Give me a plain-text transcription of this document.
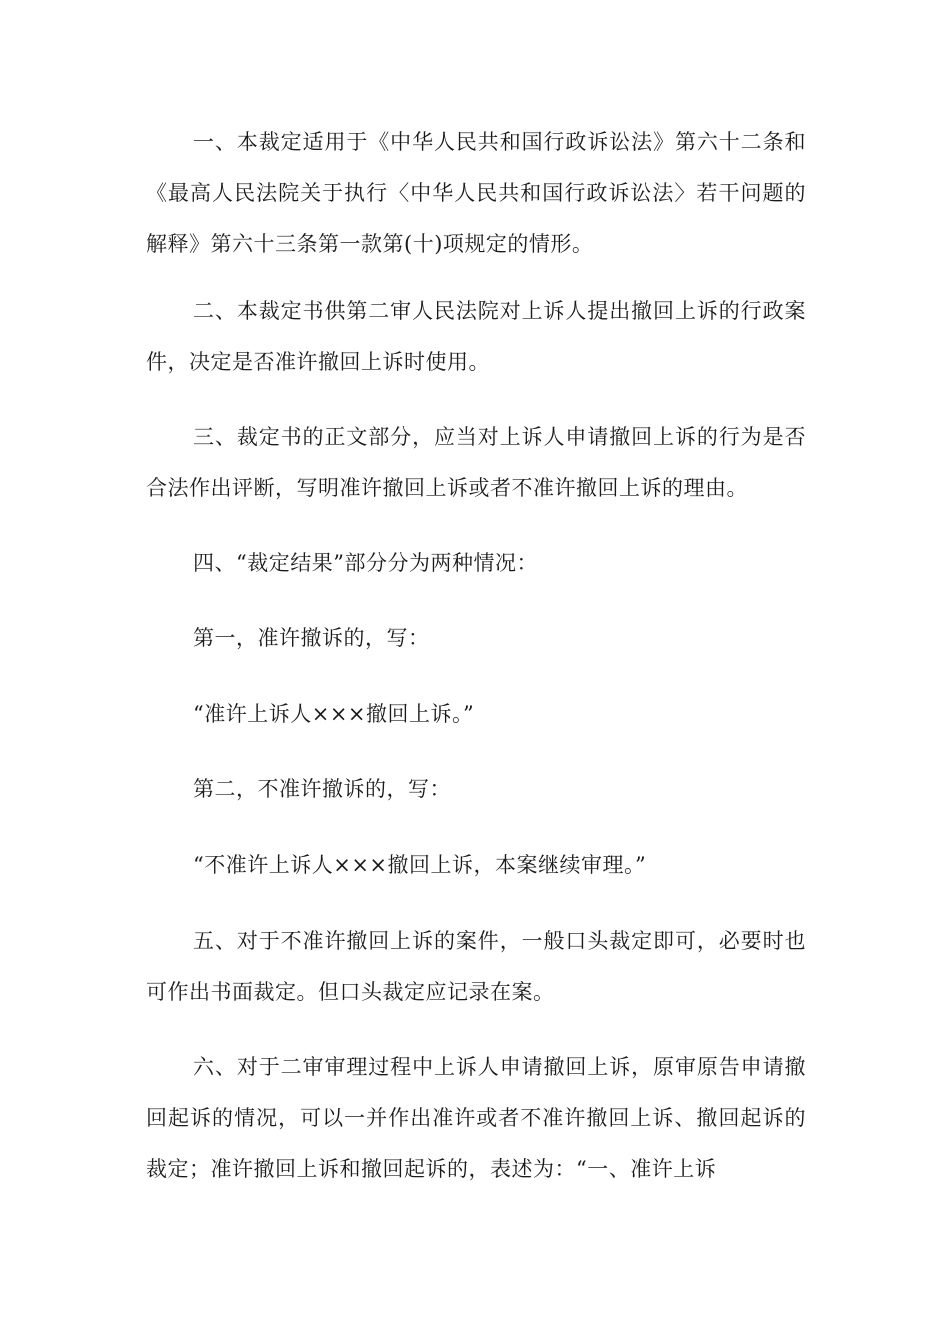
一、本裁定适用于《中华人民共和国行政诉讼法》第六十二条和《最高人民法院关于执行〈中华人民共和国行政诉讼法〉若干问题的解释》第六十三条第一款第(十)项规定的情形。

二、本裁定书供第二审人民法院对上诉人提出撤回上诉的行政案件，决定是否准许撤回上诉时使用。

三、裁定书的正文部分，应当对上诉人申请撤回上诉的行为是否合法作出评断，写明准许撤回上诉或者不准许撤回上诉的理由。

四、“裁定结果”部分分为两种情况：

第一，准许撤诉的，写：

“准许上诉人×××撤回上诉。”

第二，不准许撤诉的，写：

“不准许上诉人×××撤回上诉，本案继续审理。”

五、对于不准许撤回上诉的案件，一般口头裁定即可，必要时也可作出书面裁定。但口头裁定应记录在案。

六、对于二审审理过程中上诉人申请撤回上诉，原审原告申请撤回起诉的情况，可以一并作出准许或者不准许撤回上诉、撤回起诉的裁定；准许撤回上诉和撤回起诉的，表述为：“一、准许上诉
